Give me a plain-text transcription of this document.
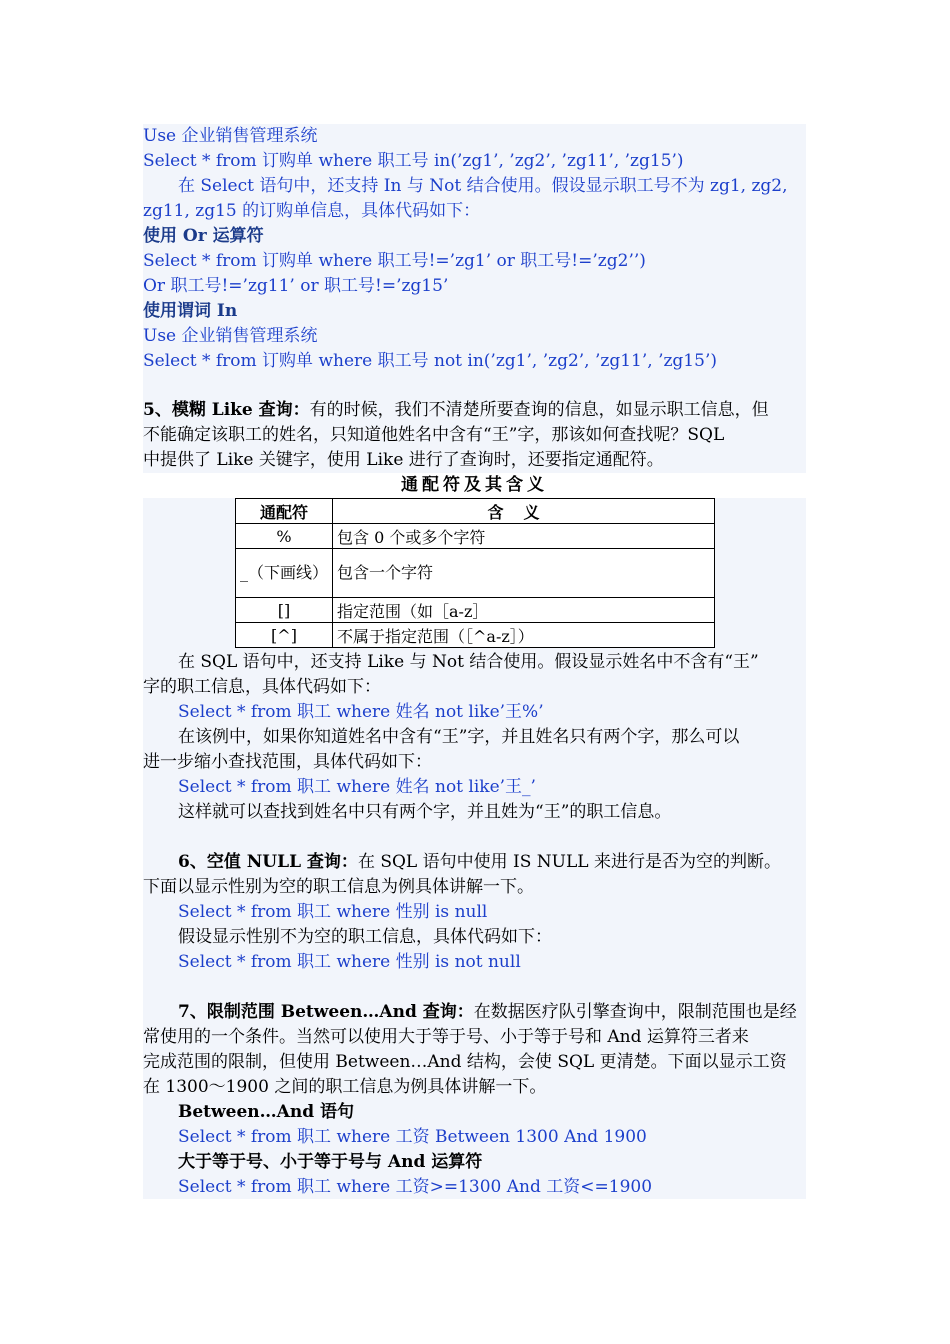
Use 企业销售管理系统
Select * from 订购单 where 职工号 in(’zg1’, ’zg2’, ’zg11’, ’zg15’)
在 Select 语句中，还支持 In 与 Not 结合使用。假设显示职工号不为 zg1, zg2,
zg11, zg15 的订购单信息，具体代码如下：
使用 Or 运算符
Select * from 订购单 where 职工号!=’zg1’ or 职工号!=’zg2’’)
Or 职工号!=’zg11’ or 职工号!=’zg15’
使用谓词 In
Use 企业销售管理系统
Select * from 订购单 where 职工号 not in(’zg1’, ’zg2’, ’zg11’, ’zg15’)
5、模糊 Like 查询：有的时候，我们不清楚所要查询的信息，如显示职工信息，但
不能确定该职工的姓名，只知道他姓名中含有“王”字，那该如何查找呢？SQL
中提供了 Like 关键字，使用 Like 进行了查询时，还要指定通配符。
通配符及其含义
通配符	含义
%	包含 0 个或多个字符
_（下画线）	包含一个字符
[]	指定范围（如［a-z］
[^]	不属于指定范围（［^a-z］）
在 SQL 语句中，还支持 Like 与 Not 结合使用。假设显示姓名中不含有“王”
字的职工信息，具体代码如下：
Select * from 职工 where 姓名 not like’王%’
在该例中，如果你知道姓名中含有“王”字，并且姓名只有两个字，那么可以
进一步缩小查找范围，具体代码如下：
Select * from 职工 where 姓名 not like’王_’
这样就可以查找到姓名中只有两个字，并且姓为“王”的职工信息。
6、空值 NULL 查询：在 SQL 语句中使用 IS NULL 来进行是否为空的判断。
下面以显示性别为空的职工信息为例具体讲解一下。
Select * from 职工 where 性别 is null
假设显示性别不为空的职工信息，具体代码如下：
Select * from 职工 where 性别 is not null
7、限制范围 Between…And 查询：在数据医疗队引擎查询中，限制范围也是经
常使用的一个条件。当然可以使用大于等于号、小于等于号和 And 运算符三者来
完成范围的限制，但使用 Between…And 结构，会使 SQL 更清楚。下面以显示工资
在 1300～1900 之间的职工信息为例具体讲解一下。
Between…And 语句
Select * from 职工 where 工资 Between 1300 And 1900
大于等于号、小于等于号与 And 运算符
Select * from 职工 where 工资>=1300 And 工资<=1900
